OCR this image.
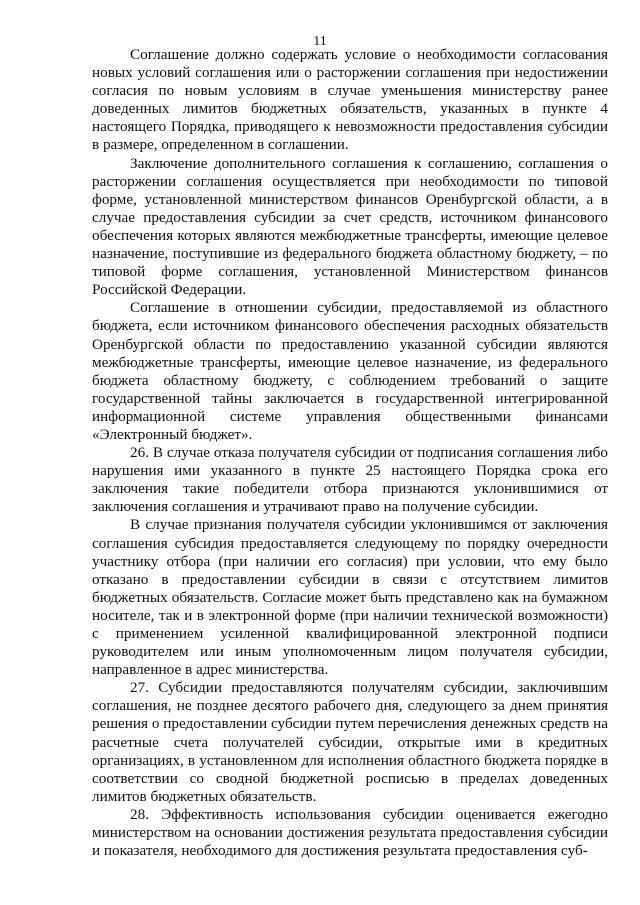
11

Соглашение должно содержать условие о необходимости согласования новых условий соглашения или о расторжении соглашения при недостижении согласия по новым условиям в случае уменьшения министерству ранее доведенных лимитов бюджетных обязательств, указанных в пункте 4 настоящего Порядка, приводящего к невозможности предоставления субсидии в размере, определенном в соглашении.

Заключение дополнительного соглашения к соглашению, соглашения о расторжении соглашения осуществляется при необходимости по типовой форме, установленной министерством финансов Оренбургской области, а в случае предоставления субсидии за счет средств, источником финансового обеспечения которых являются межбюджетные трансферты, имеющие целевое назначение, поступившие из федерального бюджета областному бюджету, – по типовой форме соглашения, установленной Министерством финансов Российской Федерации.

Соглашение в отношении субсидии, предоставляемой из областного бюджета, если источником финансового обеспечения расходных обязательств Оренбургской области по предоставлению указанной субсидии являются межбюджетные трансферты, имеющие целевое назначение, из федерального бюджета областному бюджету, с соблюдением требований о защите государственной тайны заключается в государственной интегрированной информационной системе управления общественными финансами «Электронный бюджет».

26. В случае отказа получателя субсидии от подписания соглашения либо нарушения ими указанного в пункте 25 настоящего Порядка срока его заключения такие победители отбора признаются уклонившимися от заключения соглашения и утрачивают право на получение субсидии.

В случае признания получателя субсидии уклонившимся от заключения соглашения субсидия предоставляется следующему по порядку очередности участнику отбора (при наличии его согласия) при условии, что ему было отказано в предоставлении субсидии в связи с отсутствием лимитов бюджетных обязательств. Согласие может быть представлено как на бумажном носителе, так и в электронной форме (при наличии технической возможности) с применением усиленной квалифицированной электронной подписи руководителем или иным уполномоченным лицом получателя субсидии, направленное в адрес министерства.

27. Субсидии предоставляются получателям субсидии, заключившим соглашения, не позднее десятого рабочего дня, следующего за днем принятия решения о предоставлении субсидии путем перечисления денежных средств на расчетные счета получателей субсидии, открытые ими в кредитных организациях, в установленном для исполнения областного бюджета порядке в соответствии со сводной бюджетной росписью в пределах доведенных лимитов бюджетных обязательств.

28. Эффективность использования субсидии оценивается ежегодно министерством на основании достижения результата предоставления субсидии и показателя, необходимого для достижения результата предоставления суб-
